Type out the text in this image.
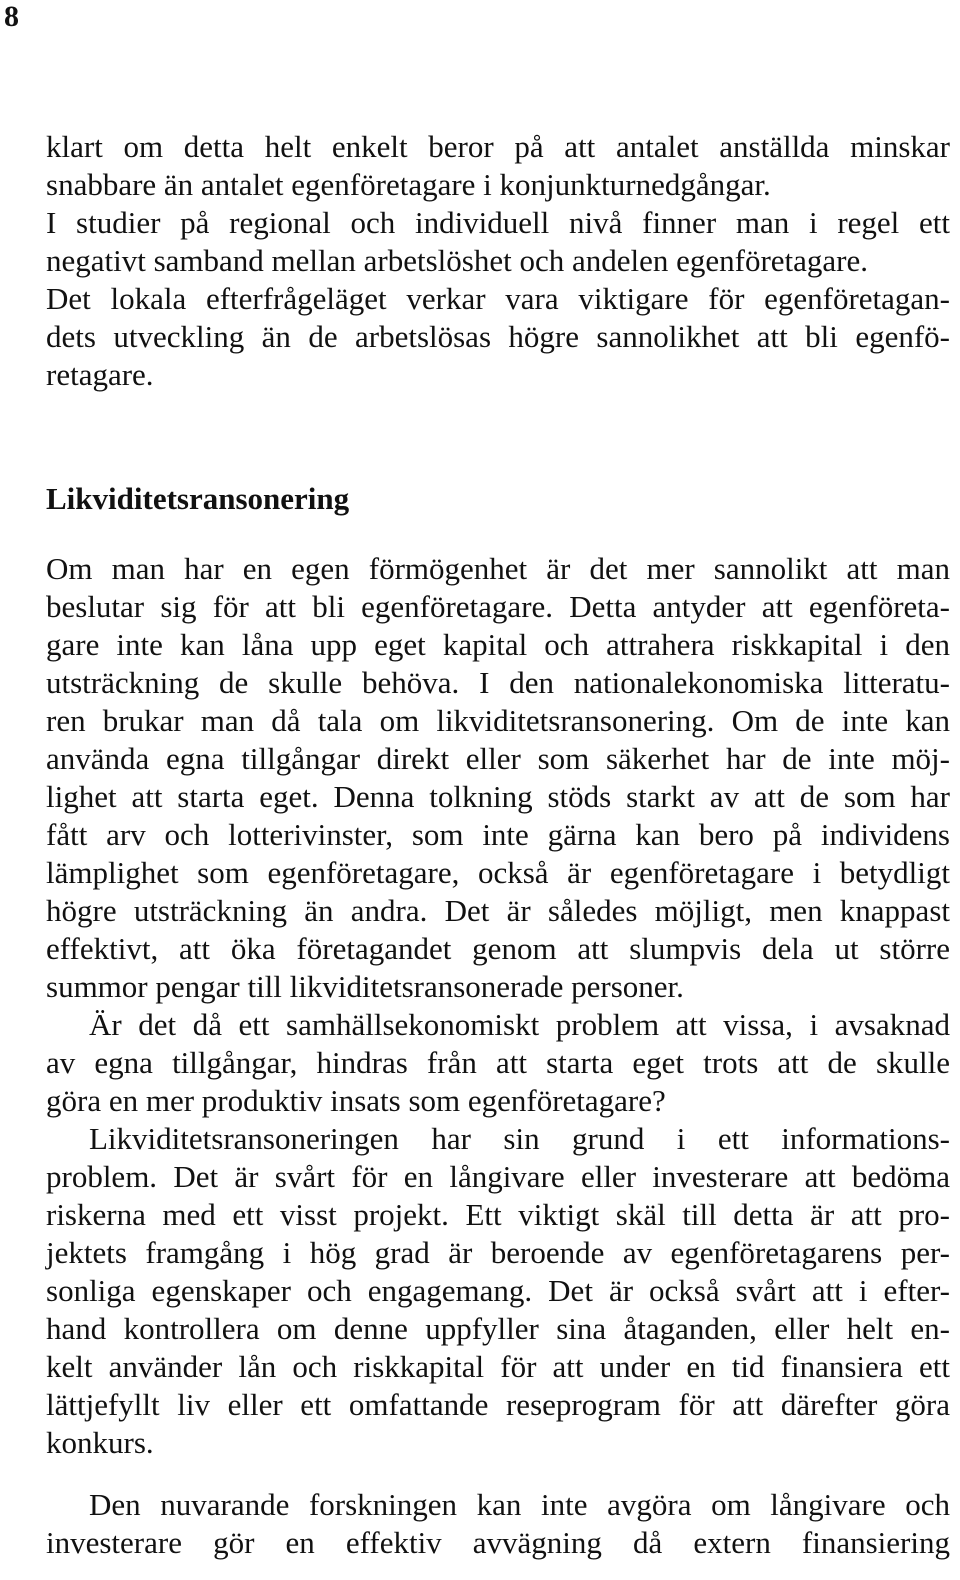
8
klart om detta helt enkelt beror på att antalet anställda minskar
snabbare än antalet egenföretagare i konjunkturnedgångar.
I studier på regional och individuell nivå finner man i regel ett
negativt samband mellan arbetslöshet och andelen egenföretagare.
Det lokala efterfrågeläget verkar vara viktigare för egenföretagan-
dets utveckling än de arbetslösas högre sannolikhet att bli egenfö-
retagare.
Likviditetsransonering
Om man har en egen förmögenhet är det mer sannolikt att man
beslutar sig för att bli egenföretagare. Detta antyder att egenföreta-
gare inte kan låna upp eget kapital och attrahera riskkapital i den
utsträckning de skulle behöva. I den nationalekonomiska litteratu-
ren brukar man då tala om likviditetsransonering. Om de inte kan
använda egna tillgångar direkt eller som säkerhet har de inte möj-
lighet att starta eget. Denna tolkning stöds starkt av att de som har
fått arv och lotterivinster, som inte gärna kan bero på individens
lämplighet som egenföretagare, också är egenföretagare i betydligt
högre utsträckning än andra. Det är således möjligt, men knappast
effektivt, att öka företagandet genom att slumpvis dela ut större
summor pengar till likviditetsransonerade personer.
Är det då ett samhällsekonomiskt problem att vissa, i avsaknad
av egna tillgångar, hindras från att starta eget trots att de skulle
göra en mer produktiv insats som egenföretagare?
Likviditetsransoneringen har sin grund i ett informations-
problem. Det är svårt för en långivare eller investerare att bedöma
riskerna med ett visst projekt. Ett viktigt skäl till detta är att pro-
jektets framgång i hög grad är beroende av egenföretagarens per-
sonliga egenskaper och engagemang. Det är också svårt att i efter-
hand kontrollera om denne uppfyller sina åtaganden, eller helt en-
kelt använder lån och riskkapital för att under en tid finansiera ett
lättjefyllt liv eller ett omfattande reseprogram för att därefter göra
konkurs.
Den nuvarande forskningen kan inte avgöra om långivare och
investerare gör en effektiv avvägning då extern finansiering
